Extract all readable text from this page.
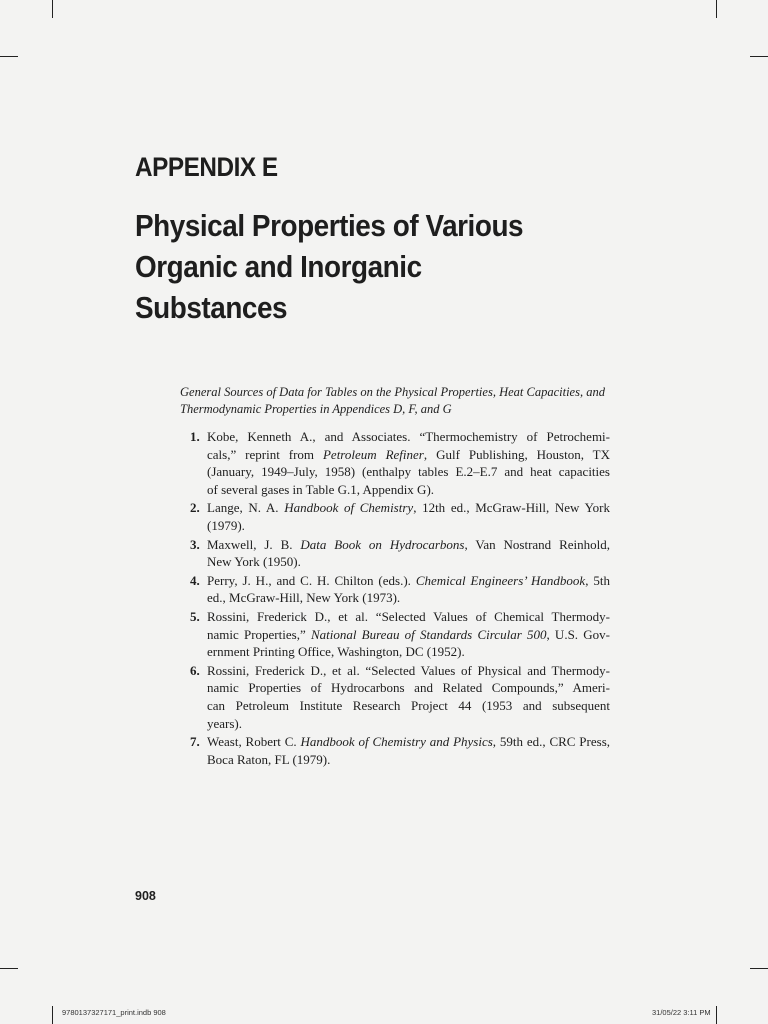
APPENDIX E
Physical Properties of Various
Organic and Inorganic
Substances

General Sources of Data for Tables on the Physical Properties, Heat Capacities, and
Thermodynamic Properties in Appendices D, F, and G

1. Kobe, Kenneth A., and Associates. “Thermochemistry of Petrochemi-
cals,” reprint from Petroleum Refiner, Gulf Publishing, Houston, TX
(January, 1949–July, 1958) (enthalpy tables E.2–E.7 and heat capacities
of several gases in Table G.1, Appendix G).
2. Lange, N. A. Handbook of Chemistry, 12th ed., McGraw-Hill, New York
(1979).
3. Maxwell, J. B. Data Book on Hydrocarbons, Van Nostrand Reinhold,
New York (1950).
4. Perry, J. H., and C. H. Chilton (eds.). Chemical Engineers’ Handbook, 5th
ed., McGraw-Hill, New York (1973).
5. Rossini, Frederick D., et al. “Selected Values of Chemical Thermody-
namic Properties,” National Bureau of Standards Circular 500, U.S. Gov-
ernment Printing Office, Washington, DC (1952).
6. Rossini, Frederick D., et al. “Selected Values of Physical and Thermody-
namic Properties of Hydrocarbons and Related Compounds,” Ameri-
can Petroleum Institute Research Project 44 (1953 and subsequent
years).
7. Weast, Robert C. Handbook of Chemistry and Physics, 59th ed., CRC Press,
Boca Raton, FL (1979).
908
9780137327171_print.indb 908	31/05/22 3:11 PM
